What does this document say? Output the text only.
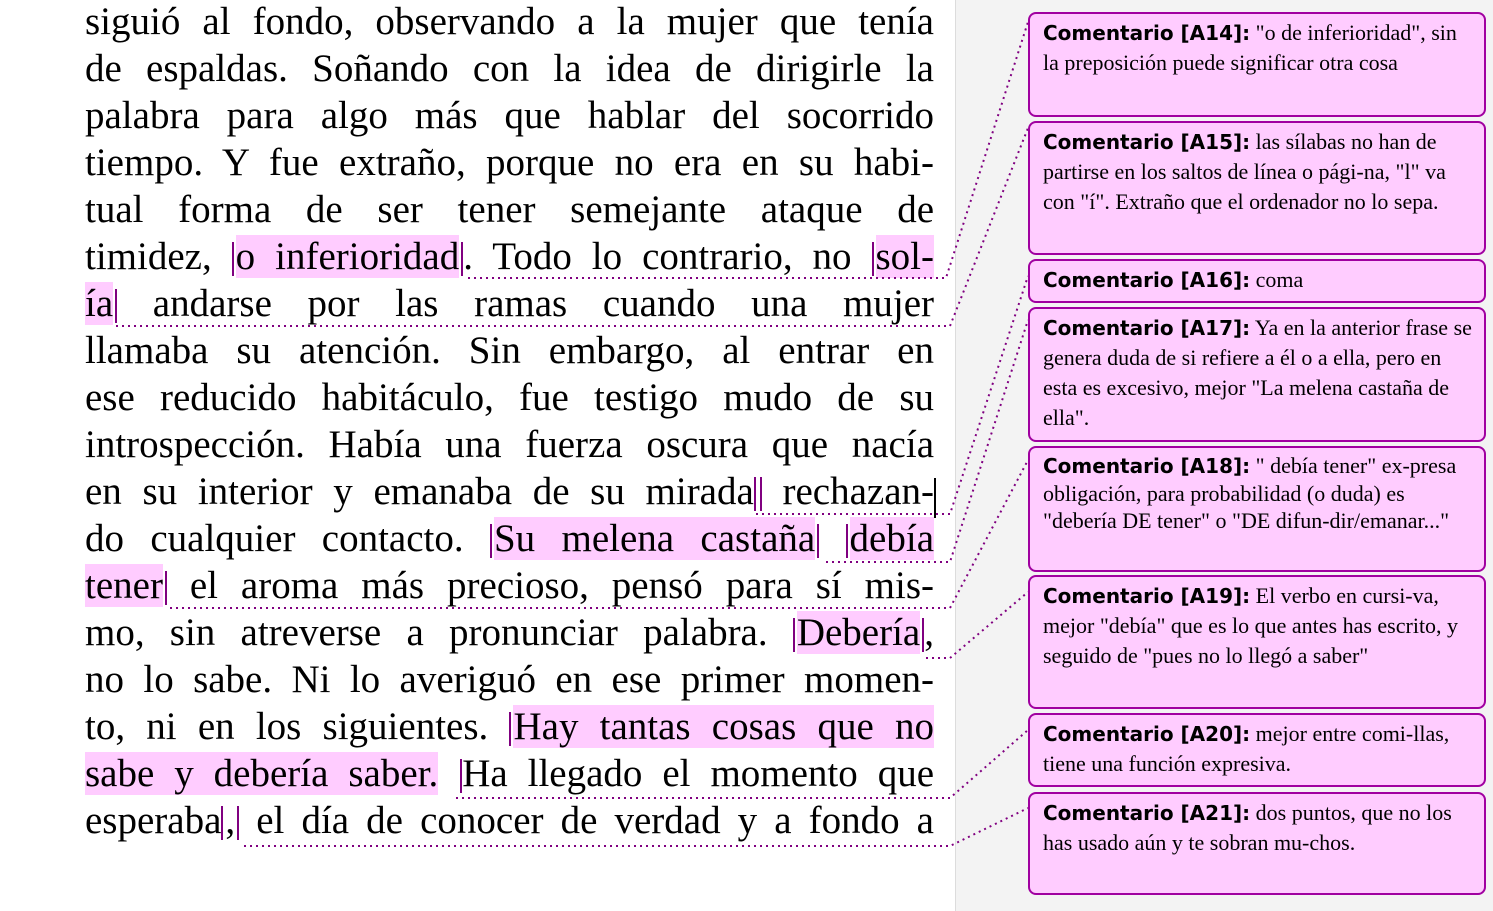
siguió al fondo, observando a la mujer que tenía
de espaldas. Soñando con la idea de dirigirle la
palabra para algo más que hablar del socorrido
tiempo. Y fue extraño, porque no era en su habi-
tual forma de ser tener semejante ataque de
timidez, o inferioridad . Todo lo contrario, no sol-
ía andarse por las ramas cuando una mujer
llamaba su atención. Sin embargo, al entrar en
ese reducido habitáculo, fue testigo mudo de su
introspección. Había una fuerza oscura que nacía
en su interior y emanaba de su mirada rechazan-
do cualquier contacto. Su melena castaña debía
tener el aroma más precioso, pensó para sí mis-
mo, sin atreverse a pronunciar palabra. Debería ,
no lo sabe. Ni lo averiguó en ese primer momen-
to, ni en los siguientes. Hay tantas cosas que no
sabe y debería saber. Ha llegado el momento que
esperaba , el día de conocer de verdad y a fondo a
Comentario [A14]: "o de inferioridad", sin la preposición puede significar otra cosa
Comentario [A15]: las sílabas no han de partirse en los saltos de línea o pági-na, "l" va con "í". Extraño que el ordenador no lo sepa.
Comentario [A16]: coma
Comentario [A17]: Ya en la anterior frase se genera duda de si refiere a él o a ella, pero en esta es excesivo, mejor "La melena castaña de ella".
Comentario [A18]: " debía tener" ex-presa obligación, para probabilidad (o duda) es "debería DE tener" o "DE difun-dir/emanar..."
Comentario [A19]: El verbo en cursi-va, mejor "debía" que es lo que antes has escrito, y seguido de "pues no lo llegó a saber"
Comentario [A20]: mejor entre comi-llas, tiene una función expresiva.
Comentario [A21]: dos puntos, que no los has usado aún y te sobran mu-chos.
